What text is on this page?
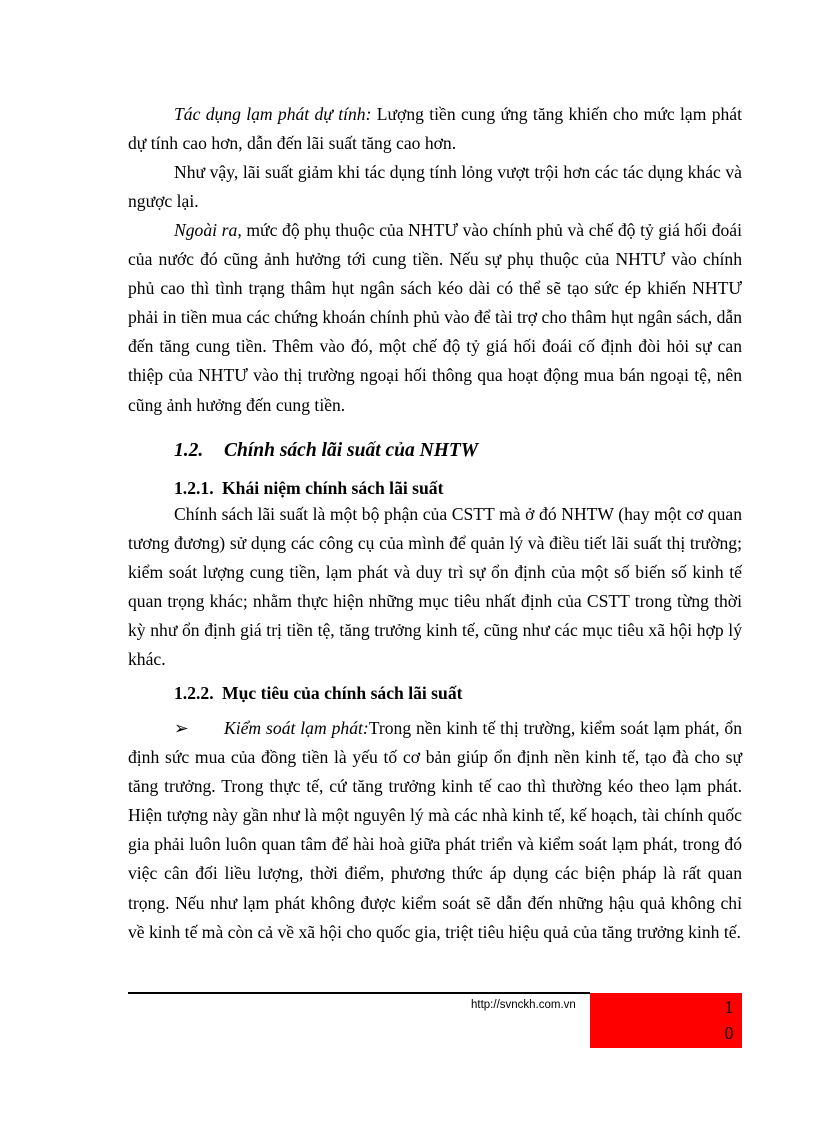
Tác dụng lạm phát dự tính: Lượng tiền cung ứng tăng khiến cho mức lạm phát dự tính cao hơn, dẫn đến lãi suất tăng cao hơn.

Như vậy, lãi suất giảm khi tác dụng tính lỏng vượt trội hơn các tác dụng khác và ngược lại.

Ngoài ra, mức độ phụ thuộc của NHTƯ vào chính phủ và chế độ tỷ giá hối đoái của nước đó cũng ảnh hưởng tới cung tiền. Nếu sự phụ thuộc của NHTƯ vào chính phủ cao thì tình trạng thâm hụt ngân sách kéo dài có thể sẽ tạo sức ép khiến NHTƯ phải in tiền mua các chứng khoán chính phủ vào để tài trợ cho thâm hụt ngân sách, dẫn đến tăng cung tiền. Thêm vào đó, một chế độ tỷ giá hối đoái cố định đòi hỏi sự can thiệp của NHTƯ vào thị trường ngoại hối thông qua hoạt động mua bán ngoại tệ, nên cũng ảnh hưởng đến cung tiền.

1.2. Chính sách lãi suất của NHTW
1.2.1. Khái niệm chính sách lãi suất

Chính sách lãi suất là một bộ phận của CSTT mà ở đó NHTW (hay một cơ quan tương đương) sử dụng các công cụ của mình để quản lý và điều tiết lãi suất thị trường; kiểm soát lượng cung tiền, lạm phát và duy trì sự ổn định của một số biến số kinh tế quan trọng khác; nhằm thực hiện những mục tiêu nhất định của CSTT trong từng thời kỳ như ổn định giá trị tiền tệ, tăng trưởng kinh tế, cũng như các mục tiêu xã hội hợp lý khác.

1.2.2. Mục tiêu của chính sách lãi suất

➢ Kiểm soát lạm phát:Trong nền kinh tế thị trường, kiểm soát lạm phát, ổn định sức mua của đồng tiền là yếu tố cơ bản giúp ổn định nền kinh tế, tạo đà cho sự tăng trưởng. Trong thực tế, cứ tăng trưởng kinh tế cao thì thường kéo theo lạm phát. Hiện tượng này gần như là một nguyên lý mà các nhà kinh tế, kế hoạch, tài chính quốc gia phải luôn luôn quan tâm để hài hoà giữa phát triển và kiểm soát lạm phát, trong đó việc cân đối liều lượng, thời điểm, phương thức áp dụng các biện pháp là rất quan trọng. Nếu như lạm phát không được kiểm soát sẽ dẫn đến những hậu quả không chỉ về kinh tế mà còn cả về xã hội cho quốc gia, triệt tiêu hiệu quả của tăng trưởng kinh tế.

http://svnckh.com.vn	10
